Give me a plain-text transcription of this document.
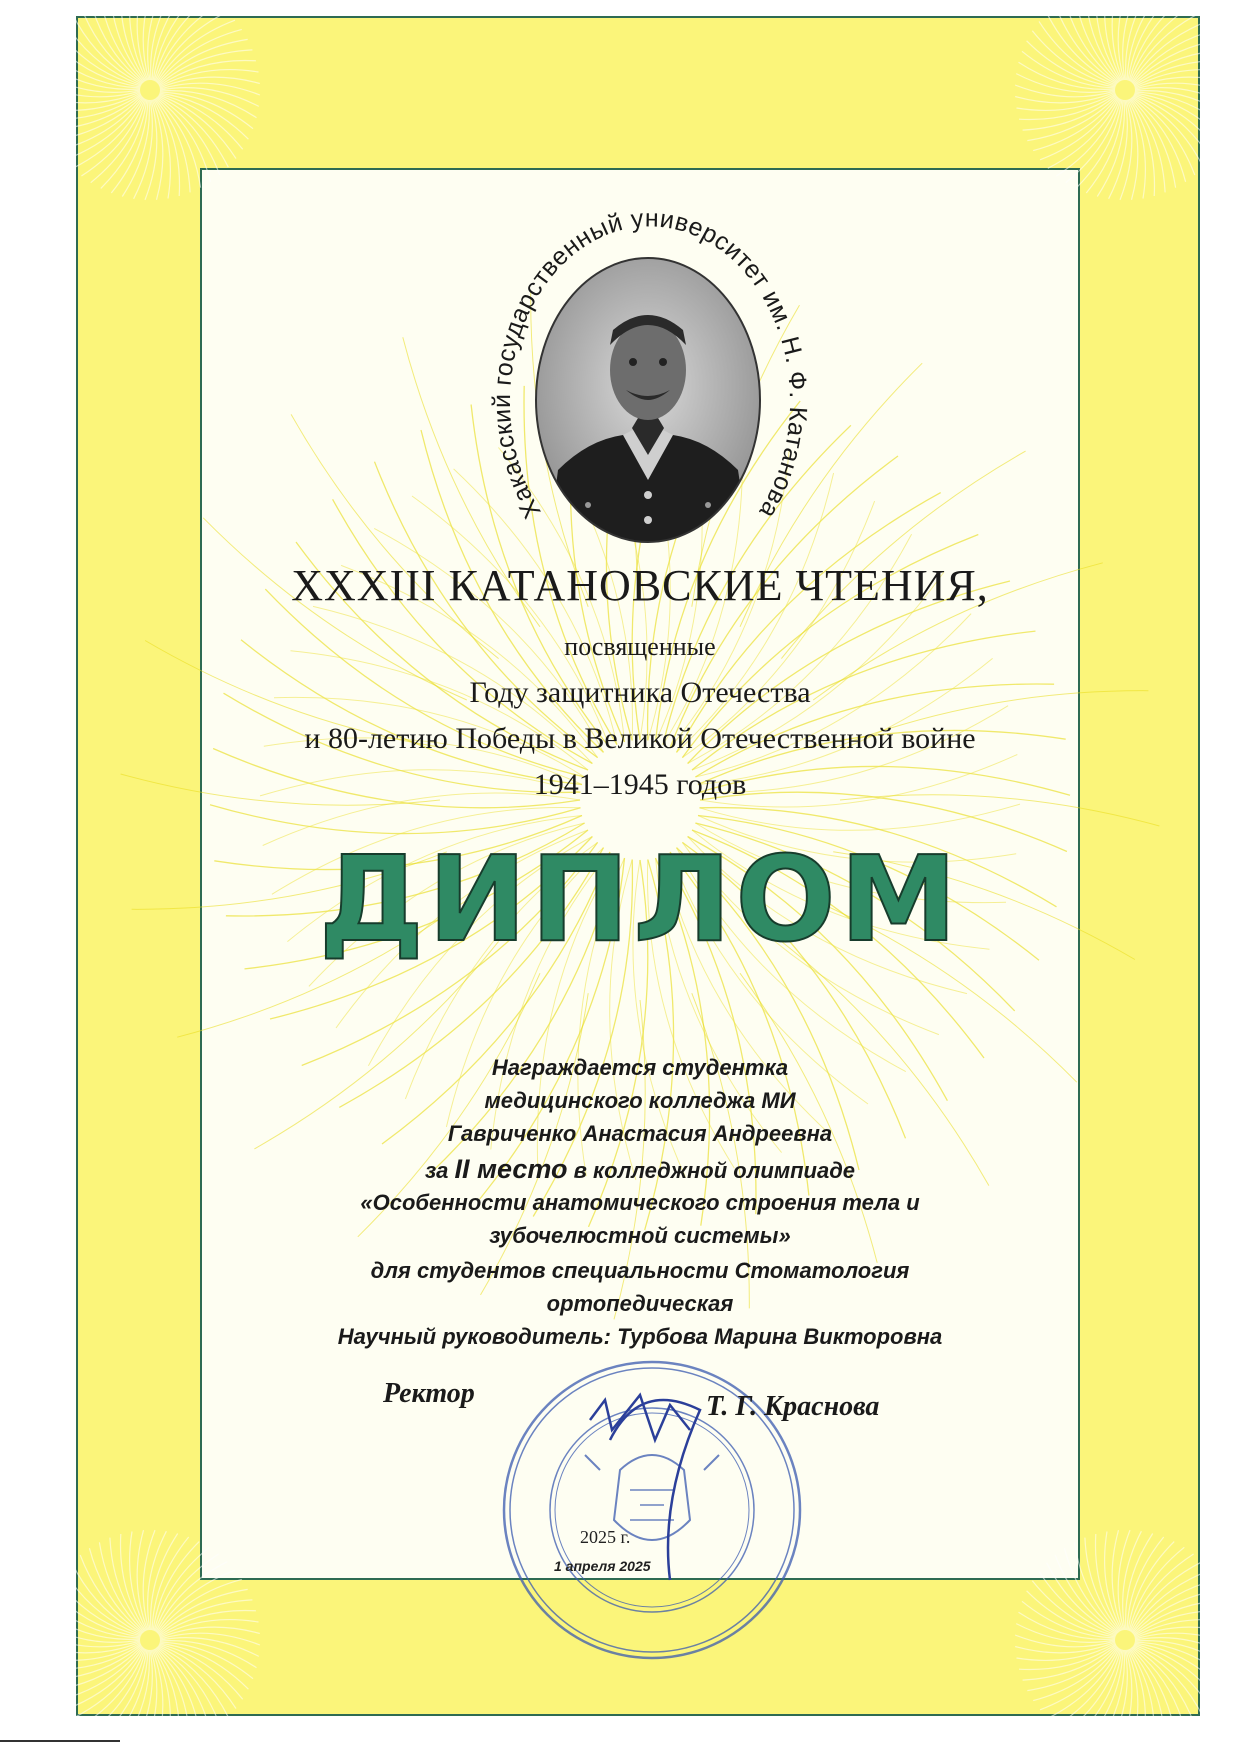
Хакасский государственный университет им. Н. Ф. Катанова
XXXIII КАТАНОВСКИЕ ЧТЕНИЯ,
посвященные
Году защитника Отечества
и 80-летию Победы в Великой Отечественной войне
1941–1945 годов
ДИПЛОМ
Награждается студентка
медицинского колледжа МИ
Гавриченко Анастасия Андреевна
за II место в колледжной олимпиаде
«Особенности анатомического строения тела и
зубочелюстной системы»
для студентов специальности Стоматология
ортопедическая
Научный руководитель: Турбова Марина Викторовна
Ректор	Т. Г. Краснова
2025 г.
1 апреля 2025
